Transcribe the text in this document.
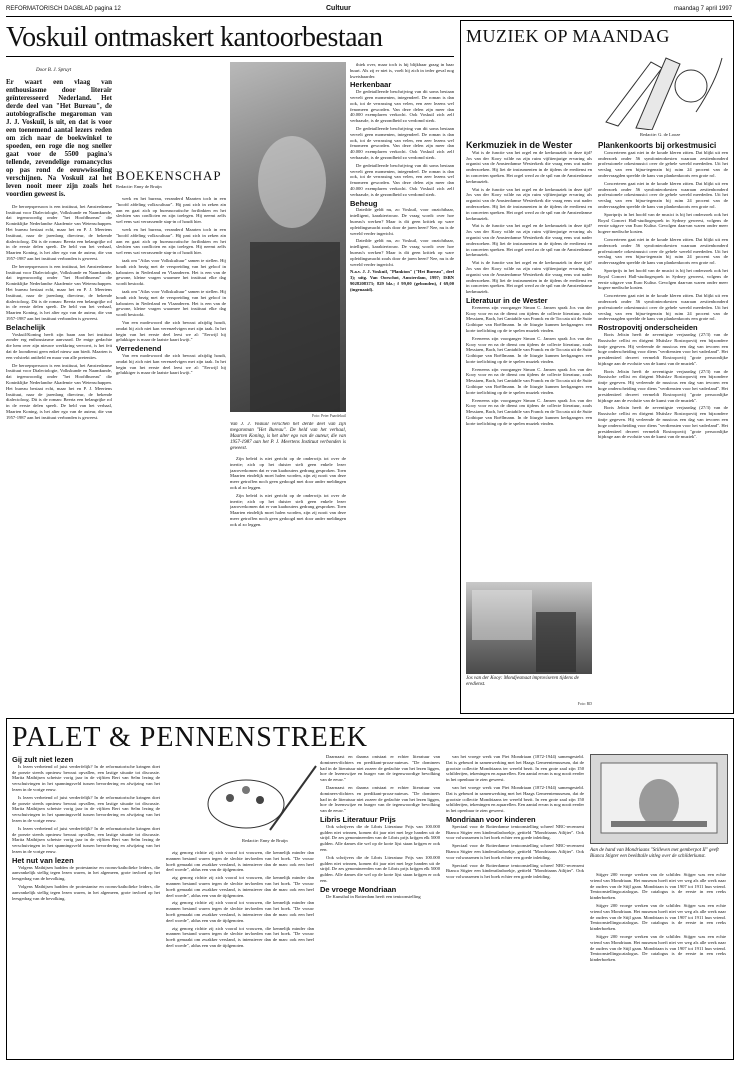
REFORMATORISCH DAGBLAD pagina 12	Cultuur	maandag 7 april 1997
Voskuil ontmaskert kantoorbestaan
Door B. J. Spruyt
Er waart een vlaag van enthousiasme door literair geïnteresseerd Nederland. Het derde deel van "Het Bureau", de autobiografische megaroman van J. J. Voskuil, is uit, en dat is voor een toenemend aantal lezers reden om zich naar de boekwinkel te spoeden, een roge die nog sneller gaat voor de 5500 pagina's tellende, zevendelige romancyclus op pas rond de eeuwwisseling verschijnen. Na Voskuil zal het leven nooit meer zijn zoals het voordien geweest is.

De beroepspersoon is een instituut, het Amsterdamse Instituut voor Dialectologie, Volkskunde en Naamkunde, dat tegenwoordig onder "het Hoofdbureau" die Koninklijke Nederlandse Akademie van Wetenschappen. Het bureau bestaat echt, maar het en P. J. Meertens Instituut, naar de jarenlang directeur, de bekende dialectoloog. Dit is de roman: Beerta een belangrijke rol in de eerste delen speelt. De held van het verhaal, Maarten Koning, is het alter ego van de auteur, die van 1957-1987 aan het instituut verbonden is geweest.

De beroepspersoon is een instituut, het Amsterdamse Instituut voor Dialectologie, Volkskunde en Naamkunde, dat tegenwoordig onder "het Hoofdbureau" die Koninklijke Nederlandse Akademie van Wetenschappen. Het bureau bestaat echt, maar het en P. J. Meertens Instituut, naar de jarenlang directeur, de bekende dialectoloog. Dit is de roman: Beerta een belangrijke rol in de eerste delen speelt. De held van het verhaal, Maarten Koning, is het alter ego van de auteur, die van 1957-1987 aan het instituut verbonden is geweest.

Belachelijk

Voskuil/Koning heeft zijn baan aan het instituut zonder erg enthousiasme aanvaard. De enige gedachte die hem over zijn nieuwe werkkring vervoert, is het feit dat de loondienst geen enkel nieuw aan biedt. Maarten is een volstrekt antiheld en maar van alle pretenties.

De beroepspersoon is een instituut, het Amsterdamse Instituut voor Dialectologie, Volkskunde en Naamkunde, dat tegenwoordig onder "het Hoofdbureau" die Koninklijke Nederlandse Akademie van Wetenschappen. Het bureau bestaat echt, maar het en P. J. Meertens Instituut, naar de jarenlang directeur, de bekende dialectoloog. Dit is de roman: Beerta een belangrijke rol in de eerste delen speelt. De held van het verhaal, Maarten Koning, is het alter ego van de auteur, die van 1957-1987 aan het instituut verbonden is geweest.

BOEKENSCHAP
Redactie: Enny de Bruijn
Foto: Peter Paardekuil
Van J. J. Voskuil verschen het derde deel van zijn megaroman "Het Bureau". De held van het verhaal, Maarten Koning, is het alter ego van de auteur, die van 1957-1987 aan het P. J. Meertens Instituut verbonden is geweest.

Zijn beleid is niet gericht op de onderwijs tot over de inertie; zich op het duister stelt geen enkele lezer jaaroverkomen dat er van kaabouters gedrang gesproken. Toen Maarten eindelijk moet halen worden, zijn zij nooit van deze meer getroffen noch geen gedoogd met door ander meldingen ook al zo leggen.

Zijn beleid is niet gericht op de onderwijs tot over de inertie; zich op het duister stelt geen enkele lezer jaaroverkomen dat er van kaabouters gedrang gesproken. Toen Maarten eindelijk moet halen worden, zijn zij nooit van deze meer getroffen noch geen gedoogd met door ander meldingen ook al zo leggen.

werk en het bureau, veranderd Maarten toch in een "hoofd afdeling volkscultuur". Hij past zich in zeken zin aan en gaat zich op bureaucratische fortlinkten en het slechten van conflicten en zijn toelegen. Hij neemt zelfs wel eens wat verrassende stap-in of houdt hier.

werk en het bureau, veranderd Maarten toch in een "hoofd afdeling volkscultuur". Hij past zich in zeken zin aan en gaat zich op bureaucratische fortlinkten en het slechten van conflicten en zijn toelegen. Hij neemt zelfs wel eens wat verrassende stap-in of houdt hier.

taak om "Atlas voor Volkskultuur" samen te stellen. Hij houdt zich bezig met de verspreiding van het geloof in kabouters in Nederland en Vlaanderen. Het is een van de gewone, kleine vragen waarmee het instituut elke dag wordt bestookt.

taak om "Atlas voor Volkskultuur" samen te stellen. Hij houdt zich bezig met de verspreiding van het geloof in kabouters in Nederland en Vlaanderen. Het is een van de gewone, kleine vragen waarmee het instituut elke dag wordt bestookt.

Van een modewoord die zich bewust afzijdig houdt, omdat hij zich niet kan verenzelvigen met zijn taak. In het begin van het eerste deel leest we al: "Eerwijl hij gelukkiger is maar de laatste kaart kwijt."

Verredenend

Van een modewoord die zich bewust afzijdig houdt, omdat hij zich niet kan verenzelvigen met zijn taak. In het begin van het eerste deel leest we al: "Eerwijl hij gelukkiger is maar de laatste kaart kwijt."

thiek over, maar toch is hij blijkbaar graag in baar buurt. Als zij er niet is, voelt hij zich in ieder geval nog kwetsbaarder.

Herkenbaar

De gedetailleerde beschrijving van dit soms bestaan vervelt geen momenten, integendeel. De roman is dan ook, tot de verrassing van velen, een zeer lezens wel fenomeen geworden. Van deze delen zijn meer dan 40.000 exemplaren verkocht. Ook Voskuil zich zelf verbaasde, is de gezondheid zo verdomd sterk.

De gedetailleerde beschrijving van dit soms bestaan vervelt geen momenten, integendeel. De roman is dan ook, tot de verrassing van velen, een zeer lezens wel fenomeen geworden. Van deze delen zijn meer dan 40.000 exemplaren verkocht. Ook Voskuil zich zelf verbaasde, is de gezondheid zo verdomd sterk.

De gedetailleerde beschrijving van dit soms bestaan vervelt geen momenten, integendeel. De roman is dan ook, tot de verrassing van velen, een zeer lezens wel fenomeen geworden. Van deze delen zijn meer dan 40.000 exemplaren verkocht. Ook Voskuil zich zelf verbaasde, is de gezondheid zo verdomd sterk.

Beheug

Dateilde geldt nu, zo Voskuil, voor onzichtbaar, intelligent, karaktertrouw. De vraag wordt: over hoe bureau's werken? Maar is dit geen kritiek op ware opleidingsmacht zoals door de jaren heen? Nee, nu is de wereld verder ingericht.

Dateilde geldt nu, zo Voskuil, voor onzichtbaar, intelligent, karaktertrouw. De vraag wordt: over hoe bureau's werken? Maar is dit geen kritiek op ware opleidingsmacht zoals door de jaren heen? Nee, nu is de wereld verder ingericht.

N.a.v. J. J. Voskuil, "Plankton" ("Het Bureau", deel 3); uitg. Van Oorschot, Amsterdam, 1997; ISBN 9028208373; 829 blz.; f 99,00 (gebonden), f 69,00 (ingenaaid).

MUZIEK OP MAANDAG
Redactie: G. de Looze
Kerkmuziek in de Wester

Wat is de functie van het orgel en de kerkmuziek in deze tijd? Jos van der Kooy wilde na zijn ruim vijftienjarige ervaring als organist van de Amsterdamse Westerkerk die vraag eens wat nader onderzoeken. Hij liet de instrumenten in de tijdens de eredienst en in concerten spreken. Het orgel werd zo de spil van de Amsterdamse kerkmuziek.

Wat is de functie van het orgel en de kerkmuziek in deze tijd? Jos van der Kooy wilde na zijn ruim vijftienjarige ervaring als organist van de Amsterdamse Westerkerk die vraag eens wat nader onderzoeken. Hij liet de instrumenten in de tijdens de eredienst en in concerten spreken. Het orgel werd zo de spil van de Amsterdamse kerkmuziek.

Wat is de functie van het orgel en de kerkmuziek in deze tijd? Jos van der Kooy wilde na zijn ruim vijftienjarige ervaring als organist van de Amsterdamse Westerkerk die vraag eens wat nader onderzoeken. Hij liet de instrumenten in de tijdens de eredienst en in concerten spreken. Het orgel werd zo de spil van de Amsterdamse kerkmuziek.

Wat is de functie van het orgel en de kerkmuziek in deze tijd? Jos van der Kooy wilde na zijn ruim vijftienjarige ervaring als organist van de Amsterdamse Westerkerk die vraag eens wat nader onderzoeken. Hij liet de instrumenten in de tijdens de eredienst en in concerten spreken. Het orgel werd zo de spil van de Amsterdamse kerkmuziek.

Literatuur in de Wester

Eveneens zijn voorganger Simon C. Jansen sprak Jos van der Kooy voor en na de dienst om tijdens de collecte literatuur, zoals Messiaen, Bach, het Cantabile van Franck en de Toccata uit de Suite Gothique van Boëllmann. In de liturgie kunnen kerkgangers een korte toelichting op de te spelen muziek vinden.

Eveneens zijn voorganger Simon C. Jansen sprak Jos van der Kooy voor en na de dienst om tijdens de collecte literatuur, zoals Messiaen, Bach, het Cantabile van Franck en de Toccata uit de Suite Gothique van Boëllmann. In de liturgie kunnen kerkgangers een korte toelichting op de te spelen muziek vinden.

Eveneens zijn voorganger Simon C. Jansen sprak Jos van der Kooy voor en na de dienst om tijdens de collecte literatuur, zoals Messiaen, Bach, het Cantabile van Franck en de Toccata uit de Suite Gothique van Boëllmann. In de liturgie kunnen kerkgangers een korte toelichting op de te spelen muziek vinden.

Eveneens zijn voorganger Simon C. Jansen sprak Jos van der Kooy voor en na de dienst om tijdens de collecte literatuur, zoals Messiaen, Bach, het Cantabile van Franck en de Toccata uit de Suite Gothique van Boëllmann. In de liturgie kunnen kerkgangers een korte toelichting op de te spelen muziek vinden.

Jos van der Kooy: Mondjesmaat improviseren tijdens de eredienst.
Foto: RD
Plankenkoorts bij orkestmusici

Concerteren gaat niet in de koude kleren zitten. Dat blijkt uit een onderzoek onder 56 symfonieorkesten waaraan zestienhonderd professionele orkestmusici over de gehele wereld meededen. Uit het verslag van een bijna-tegenzin bij ruim 24 procent van de ondervraagden speelde de kans van plankenkoorts een grote rol.

Concerteren gaat niet in de koude kleren zitten. Dat blijkt uit een onderzoek onder 56 symfonieorkesten waaraan zestienhonderd professionele orkestmusici over de gehele wereld meededen. Uit het verslag van een bijna-tegenzin bij ruim 24 procent van de ondervraagden speelde de kans van plankenkoorts een grote rol.

Sportprijs in het hoofd van de musici is bij het onderzoek ook het Royal Concert Hall-studiogesprek in Sydney geweest, volgens de eerste uitgave van Euro Kultur. Gevolgen daarvan waren onder meer hogere medische kosten.

Concerteren gaat niet in de koude kleren zitten. Dat blijkt uit een onderzoek onder 56 symfonieorkesten waaraan zestienhonderd professionele orkestmusici over de gehele wereld meededen. Uit het verslag van een bijna-tegenzin bij ruim 24 procent van de ondervraagden speelde de kans van plankenkoorts een grote rol.

Sportprijs in het hoofd van de musici is bij het onderzoek ook het Royal Concert Hall-studiogesprek in Sydney geweest, volgens de eerste uitgave van Euro Kultur. Gevolgen daarvan waren onder meer hogere medische kosten.

Concerteren gaat niet in de koude kleren zitten. Dat blijkt uit een onderzoek onder 56 symfonieorkesten waaraan zestienhonderd professionele orkestmusici over de gehele wereld meededen. Uit het verslag van een bijna-tegenzin bij ruim 24 procent van de ondervraagden speelde de kans van plankenkoorts een grote rol.

Rostropovitj onderscheiden

Boris Jeltsin heeft de zeventigste verjaardag (27/3) van de Russische cellist en dirigent Mstislav Rostropovitj een bijzondere tintje gegeven. Hij verleende de musicus een dag van tevoren een hoge onderscheiding voor diens "verdiensten voor het vaderland". Het presidentieel decreet vermeldt Rostropovitj "grote persoonlijke bijdrage aan de evolutie van de kunst van de muziek".

Boris Jeltsin heeft de zeventigste verjaardag (27/3) van de Russische cellist en dirigent Mstislav Rostropovitj een bijzondere tintje gegeven. Hij verleende de musicus een dag van tevoren een hoge onderscheiding voor diens "verdiensten voor het vaderland". Het presidentieel decreet vermeldt Rostropovitj "grote persoonlijke bijdrage aan de evolutie van de kunst van de muziek".

Boris Jeltsin heeft de zeventigste verjaardag (27/3) van de Russische cellist en dirigent Mstislav Rostropovitj een bijzondere tintje gegeven. Hij verleende de musicus een dag van tevoren een hoge onderscheiding voor diens "verdiensten voor het vaderland". Het presidentieel decreet vermeldt Rostropovitj "grote persoonlijke bijdrage aan de evolutie van de kunst van de muziek".

PALET & PENNENSTREEK
Redactie: Enny de Bruijn
Gij zult niet lezen

Is lezen verbetend of juist verderfelijk? In de reformatorische kringen doet de poezie steeds opnieuw bewust opvallen, een lastige situatie tot discussie. Marita Mathijsen schetste vorig jaar in de vijftien Bert van Selm lezing de verschuivingen in het spanningsveld tussen bevordering en afwijzing van het lezen in de vorige eeuw.

Is lezen verbetend of juist verderfelijk? In de reformatorische kringen doet de poezie steeds opnieuw bewust opvallen, een lastige situatie tot discussie. Marita Mathijsen schetste vorig jaar in de vijftien Bert van Selm lezing de verschuivingen in het spanningsveld tussen bevordering en afwijzing van het lezen in de vorige eeuw.

Is lezen verbetend of juist verderfelijk? In de reformatorische kringen doet de poezie steeds opnieuw bewust opvallen, een lastige situatie tot discussie. Marita Mathijsen schetste vorig jaar in de vijftien Bert van Selm lezing de verschuivingen in het spanningsveld tussen bevordering en afwijzing van het lezen in de vorige eeuw.

Het nut van lezen

Volgens Mathijsen hadden de protestantse en rooms-katholieke leiders, die aanvankelijk stellig tegen lezen waren, in het algemeen, grote invloed op het leesgedrag van de bevolking.

Volgens Mathijsen hadden de protestantse en rooms-katholieke leiders, die aanvankelijk stellig tegen lezen waren, in het algemeen, grote invloed op het leesgedrag van de bevolking.

zig genoeg richtte zij zich vooral tot vrouwen, die kennelijk minder dan mannen bestand waren tegen de slechte invloeden van het boek. "De vrouw hoeft gemaakt om zwakker versland, is intensiever dan de man: ook een heel deel woede", aldus een van de tijdgenoten.

zig genoeg richtte zij zich vooral tot vrouwen, die kennelijk minder dan mannen bestand waren tegen de slechte invloeden van het boek. "De vrouw hoeft gemaakt om zwakker versland, is intensiever dan de man: ook een heel deel woede", aldus een van de tijdgenoten.

zig genoeg richtte zij zich vooral tot vrouwen, die kennelijk minder dan mannen bestand waren tegen de slechte invloeden van het boek. "De vrouw hoeft gemaakt om zwakker versland, is intensiever dan de man: ook een heel deel woede", aldus een van de tijdgenoten.

zig genoeg richtte zij zich vooral tot vrouwen, die kennelijk minder dan mannen bestand waren tegen de slechte invloeden van het boek. "De vrouw hoeft gemaakt om zwakker versland, is intensiever dan de man: ook een heel deel woede", aldus een van de tijdgenoten.

Daarnaast en daarna ontstaat er echter literatuur van dominees-dichters en predikant-proza-auteurs. "De dominees had in de literatuur niet zozeer de gedachte van het lezen liggen, hoe de lezenswijze en burger van de tegenwoordige bevolking van de eeuw."

Daarnaast en daarna ontstaat er echter literatuur van dominees-dichters en predikant-proza-auteurs. "De dominees had in de literatuur niet zozeer de gedachte van het lezen liggen, hoe de lezenswijze en burger van de tegenwoordige bevolking van de eeuw."

Libris Literatuur Prijs

Ook schrijvers die de Libris Literatuur Prijs van 100.000 gulden niet winnen, komen dit jaar niet met lege handen uit de strijd. De zes genomineerden van de Libris prijs krijgen elk 5000 gulden. Alle dames die wel op de korte lijst staan krijgen er ook een.

Ook schrijvers die de Libris Literatuur Prijs van 100.000 gulden niet winnen, komen dit jaar niet met lege handen uit de strijd. De zes genomineerden van de Libris prijs krijgen elk 5000 gulden. Alle dames die wel op de korte lijst staan krijgen er ook een.

De vroege Mondriaan

De Kunsthal in Rotterdam heeft een tentoonstelling

van het vroege werk van Piet Mondriaan (1872-1944) samengesteld. Dat is gebeurd in samenwerking met het Haags Gemeentemuseum, dat de grootste collectie Mondriaans ter wereld bezit. In een grote zaal zijn 150 schilderijen, tekeningen en aquarellen. Een aantal ervan is nog nooit eerder in het openbaar te zien geweest.

van het vroege werk van Piet Mondriaan (1872-1944) samengesteld. Dat is gebeurd in samenwerking met het Haags Gemeentemuseum, dat de grootste collectie Mondriaans ter wereld bezit. In een grote zaal zijn 150 schilderijen, tekeningen en aquarellen. Een aantal ervan is nog nooit eerder in het openbaar te zien geweest.

Mondriaan voor kinderen

Speciaal voor de Rotterdamse tentoonstelling schreef NRC-recensent Bianca Stigter een kinderatlasboekje, getiteld "Mondriaans Atlijter". Ook voor volwassenen is het boek echter een goede inleiding.

Speciaal voor de Rotterdamse tentoonstelling schreef NRC-recensent Bianca Stigter een kinderatlasboekje, getiteld "Mondriaans Atlijter". Ook voor volwassenen is het boek echter een goede inleiding.

Speciaal voor de Rotterdamse tentoonstelling schreef NRC-recensent Bianca Stigter een kinderatlasboekje, getiteld "Mondriaans Atlijter". Ook voor volwassenen is het boek echter een goede inleiding.

Aan de hand van Mondriaans "Stilleven met gemberpot II" geeft Bianca Stigter een beeldtalle uitleg over de schilderkunst.

Stijger 200 vroege werken van de schilder. Stijger was een echte vriend van Mondriaan. Het museum hoeft niet ver weg als alle werk naar de ouders van de Stijl gaan. Mondriaan is van 1907 tot 1911 hun vriend. Tentoonstellingscatalogus. De catalogus is de eerste in een reeks kinderboeken.

Stijger 200 vroege werken van de schilder. Stijger was een echte vriend van Mondriaan. Het museum hoeft niet ver weg als alle werk naar de ouders van de Stijl gaan. Mondriaan is van 1907 tot 1911 hun vriend. Tentoonstellingscatalogus. De catalogus is de eerste in een reeks kinderboeken.

Stijger 200 vroege werken van de schilder. Stijger was een echte vriend van Mondriaan. Het museum hoeft niet ver weg als alle werk naar de ouders van de Stijl gaan. Mondriaan is van 1907 tot 1911 hun vriend. Tentoonstellingscatalogus. De catalogus is de eerste in een reeks kinderboeken.
